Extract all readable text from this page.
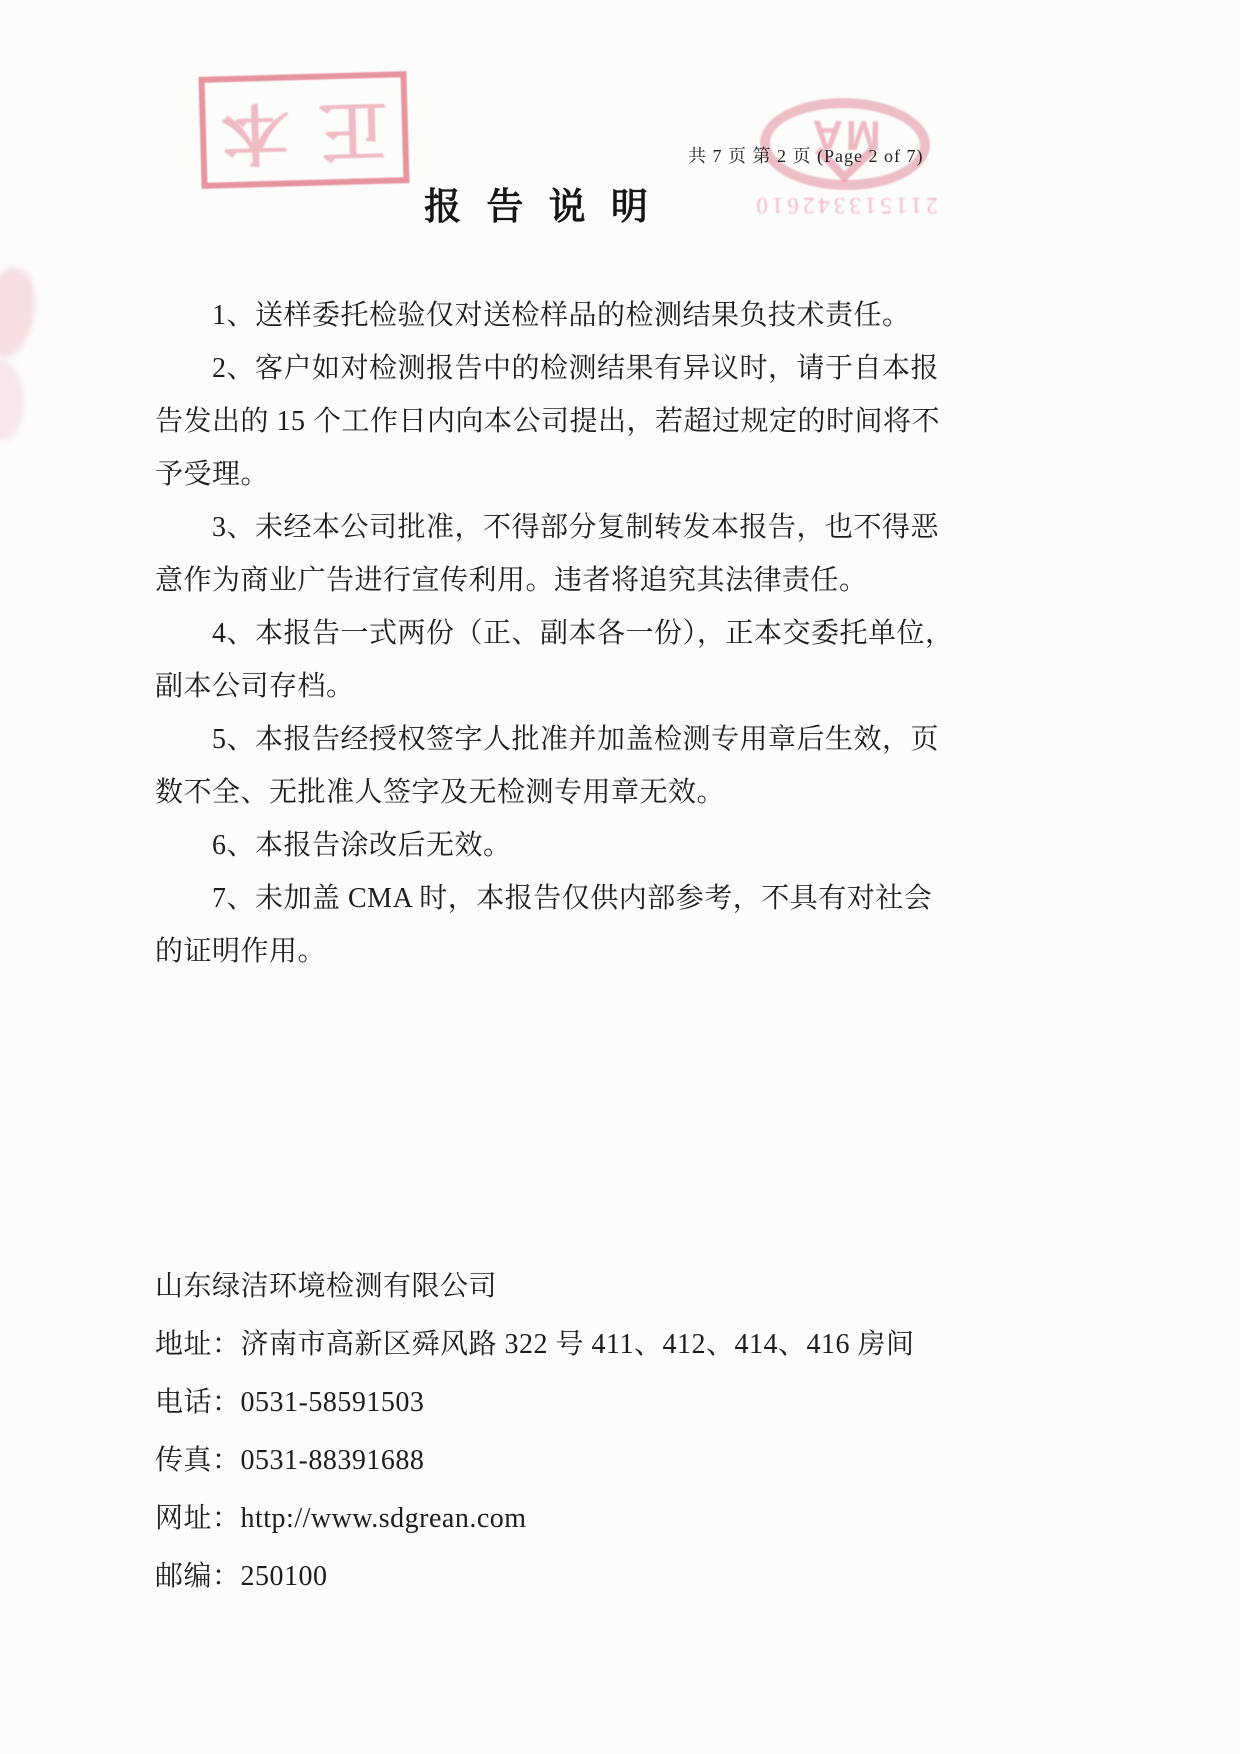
正
本	共 7 页 第 2 页 (Page 2 of 7)
MA
211513342610
报 告 说 明
1、送样委托检验仅对送检样品的检测结果负技术责任。
2、客户如对检测报告中的检测结果有异议时，请于自本报
告发出的 15 个工作日内向本公司提出，若超过规定的时间将不
予受理。
3、未经本公司批准，不得部分复制转发本报告，也不得恶
意作为商业广告进行宣传利用。违者将追究其法律责任。
4、本报告一式两份（正、副本各一份），正本交委托单位，
副本公司存档。
5、本报告经授权签字人批准并加盖检测专用章后生效，页
数不全、无批准人签字及无检测专用章无效。
6、本报告涂改后无效。
7、未加盖 CMA 时，本报告仅供内部参考，不具有对社会
的证明作用。
山东绿洁环境检测有限公司
地址：济南市高新区舜风路 322 号 411、412、414、416 房间
电话：0531-58591503
传真：0531-88391688
网址：http://www.sdgrean.com
邮编：250100
